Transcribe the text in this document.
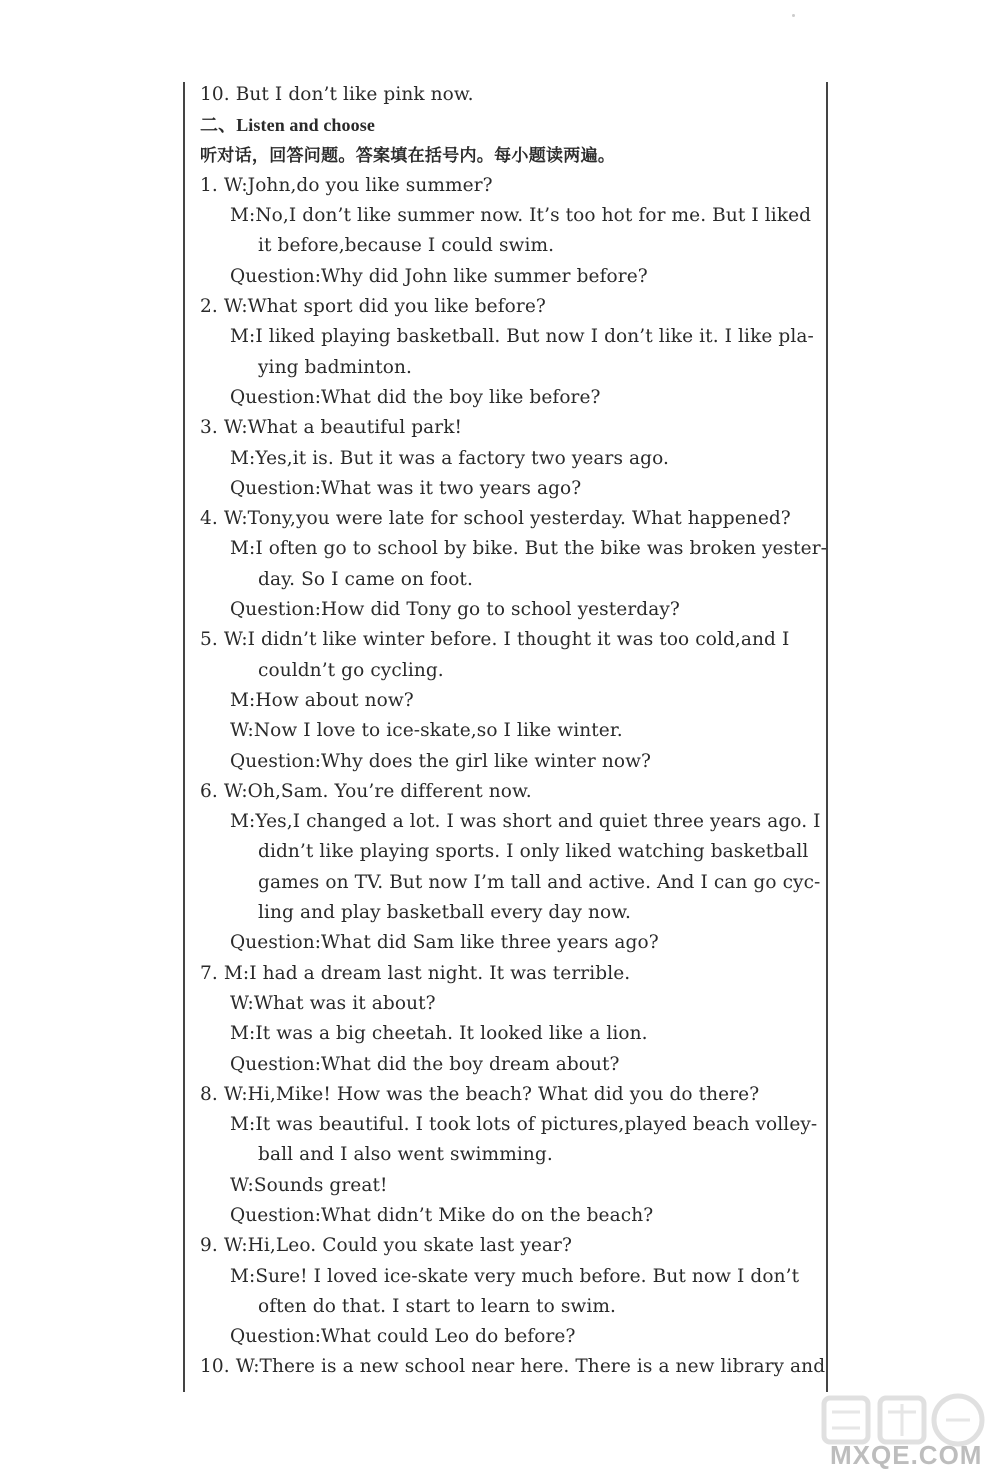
10. But I don’t like pink now.
二、Listen and choose
听对话，回答问题。答案填在括号内。每小题读两遍。
1. W:John,do you like summer?
M:No,I don’t like summer now. It’s too hot for me. But I liked
it before,because I could swim.
Question:Why did John like summer before?
2. W:What sport did you like before?
M:I liked playing basketball. But now I don’t like it. I like pla-
ying badminton.
Question:What did the boy like before?
3. W:What a beautiful park!
M:Yes,it is. But it was a factory two years ago.
Question:What was it two years ago?
4. W:Tony,you were late for school yesterday. What happened?
M:I often go to school by bike. But the bike was broken yester-
day. So I came on foot.
Question:How did Tony go to school yesterday?
5. W:I didn’t like winter before. I thought it was too cold,and I
couldn’t go cycling.
M:How about now?
W:Now I love to ice-skate,so I like winter.
Question:Why does the girl like winter now?
6. W:Oh,Sam. You’re different now.
M:Yes,I changed a lot. I was short and quiet three years ago. I
didn’t like playing sports. I only liked watching basketball
games on TV. But now I’m tall and active. And I can go cyc-
ling and play basketball every day now.
Question:What did Sam like three years ago?
7. M:I had a dream last night. It was terrible.
W:What was it about?
M:It was a big cheetah. It looked like a lion.
Question:What did the boy dream about?
8. W:Hi,Mike! How was the beach? What did you do there?
M:It was beautiful. I took lots of pictures,played beach volley-
ball and I also went swimming.
W:Sounds great!
Question:What didn’t Mike do on the beach?
9. W:Hi,Leo. Could you skate last year?
M:Sure! I loved ice-skate very much before. But now I don’t
often do that. I start to learn to swim.
Question:What could Leo do before?
10. W:There is a new school near here. There is a new library and
MXQE.COM
